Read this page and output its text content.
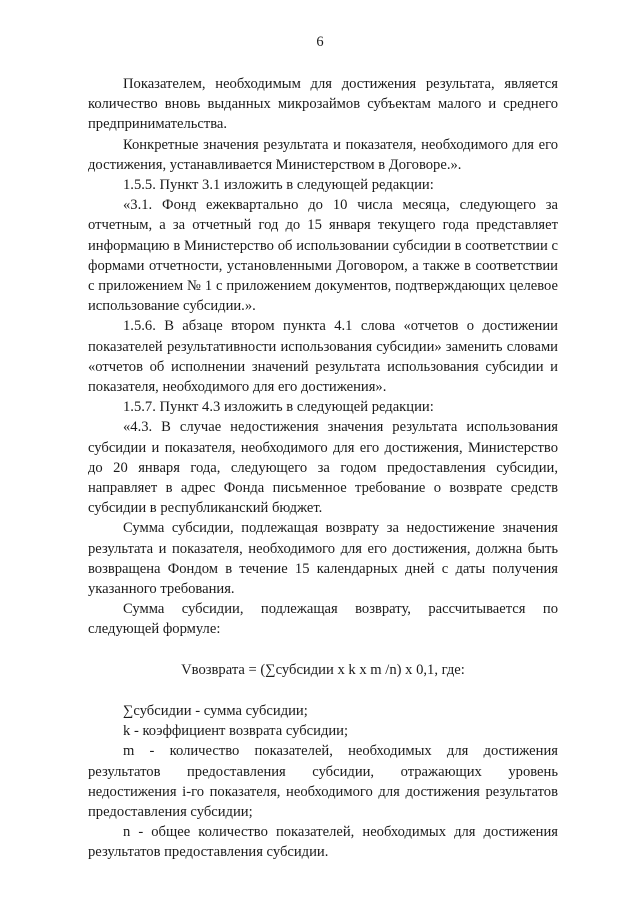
6

Показателем, необходимым для достижения результата, является количество вновь выданных микрозаймов субъектам малого и среднего предпринимательства.

Конкретные значения результата и показателя, необходимого для его достижения, устанавливается Министерством в Договоре.».

1.5.5. Пункт 3.1 изложить в следующей редакции:

«3.1. Фонд ежеквартально до 10 числа месяца, следующего за отчетным, а за отчетный год до 15 января текущего года представляет информацию в Министерство об использовании субсидии в соответствии с формами отчетности, установленными Договором, а также в соответствии с приложением № 1 с приложением документов, подтверждающих целевое использование субсидии.».

1.5.6. В абзаце втором пункта 4.1 слова «отчетов о достижении показателей результативности использования субсидии» заменить словами «отчетов об исполнении значений результата использования субсидии и показателя, необходимого для его достижения».

1.5.7. Пункт 4.3 изложить в следующей редакции:

«4.3. В случае недостижения значения результата использования субсидии и показателя, необходимого для его достижения, Министерство до 20 января года, следующего за годом предоставления субсидии, направляет в адрес Фонда письменное требование о возврате средств субсидии в республиканский бюджет.

Сумма субсидии, подлежащая возврату за недостижение значения результата и показателя, необходимого для его достижения, должна быть возвращена Фондом в течение 15 календарных дней с даты получения указанного требования.

Сумма субсидии, подлежащая возврату, рассчитывается по следующей формуле:

Vвозврата = (∑субсидии х k х m /n) х 0,1, где:

∑субсидии - сумма субсидии;

k - коэффициент возврата субсидии;

m - количество показателей, необходимых для достижения результатов предоставления субсидии, отражающих уровень недостижения i-го показателя, необходимого для достижения результатов предоставления субсидии;

n - общее количество показателей, необходимых для достижения результатов предоставления субсидии.
